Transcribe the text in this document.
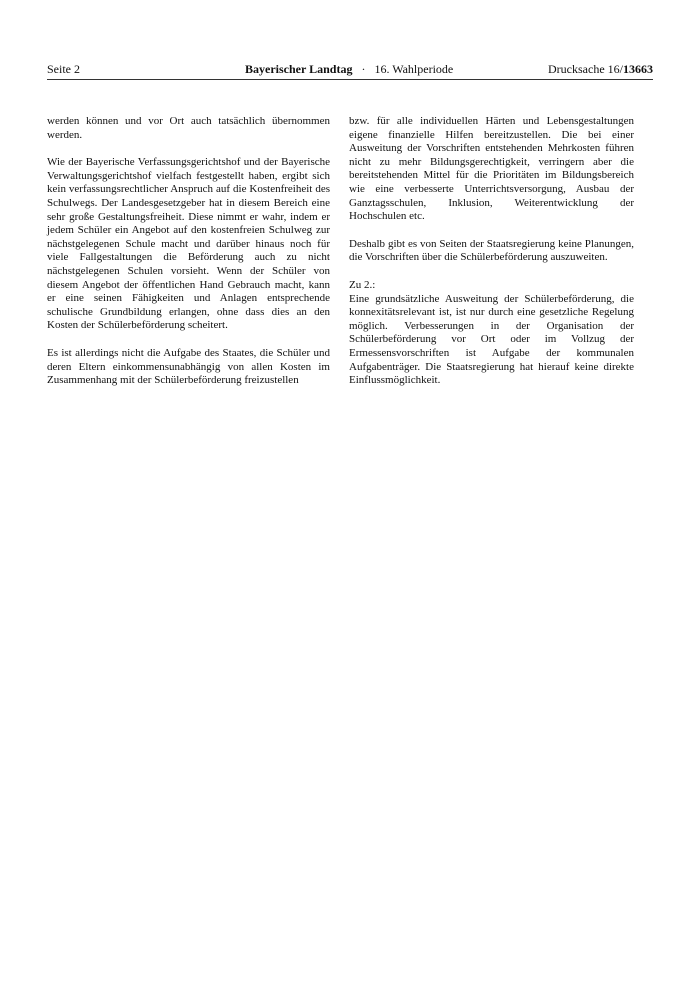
Seite 2	Bayerischer Landtag · 16. Wahlperiode	Drucksache 16/13663

werden können und vor Ort auch tatsächlich übernommen werden.

Wie der Bayerische Verfassungsgerichtshof und der Bayerische Verwaltungsgerichtshof vielfach festgestellt haben, ergibt sich kein verfassungsrechtlicher Anspruch auf die Kostenfreiheit des Schulwegs. Der Landesgesetzgeber hat in diesem Bereich eine sehr große Gestaltungsfreiheit. Diese nimmt er wahr, indem er jedem Schüler ein Angebot auf den kostenfreien Schulweg zur nächstgelegenen Schule macht und darüber hinaus noch für viele Fallgestaltungen die Beförderung auch zu nicht nächstgelegenen Schulen vorsieht. Wenn der Schüler von diesem Angebot der öffentlichen Hand Gebrauch macht, kann er eine seinen Fähigkeiten und Anlagen entsprechende schulische Grundbildung erlangen, ohne dass dies an den Kosten der Schülerbeförderung scheitert.

Es ist allerdings nicht die Aufgabe des Staates, die Schüler und deren Eltern einkommensunabhängig von allen Kosten im Zusammenhang mit der Schülerbeförderung freizustellen

bzw. für alle individuellen Härten und Lebensgestaltungen eigene finanzielle Hilfen bereitzustellen. Die bei einer Ausweitung der Vorschriften entstehenden Mehrkosten führen nicht zu mehr Bildungsgerechtigkeit, verringern aber die bereitstehenden Mittel für die Prioritäten im Bildungsbereich wie eine verbesserte Unterrichtsversorgung, Ausbau der Ganztagsschulen, Inklusion, Weiterentwicklung der Hochschulen etc.

Deshalb gibt es von Seiten der Staatsregierung keine Planungen, die Vorschriften über die Schülerbeförderung auszuweiten.

Zu 2.:
Eine grundsätzliche Ausweitung der Schülerbeförderung, die konnexitätsrelevant ist, ist nur durch eine gesetzliche Regelung möglich. Verbesserungen in der Organisation der Schülerbeförderung vor Ort oder im Vollzug der Ermessensvorschriften ist Aufgabe der kommunalen Aufgabenträger. Die Staatsregierung hat hierauf keine direkte Einflussmöglichkeit.
